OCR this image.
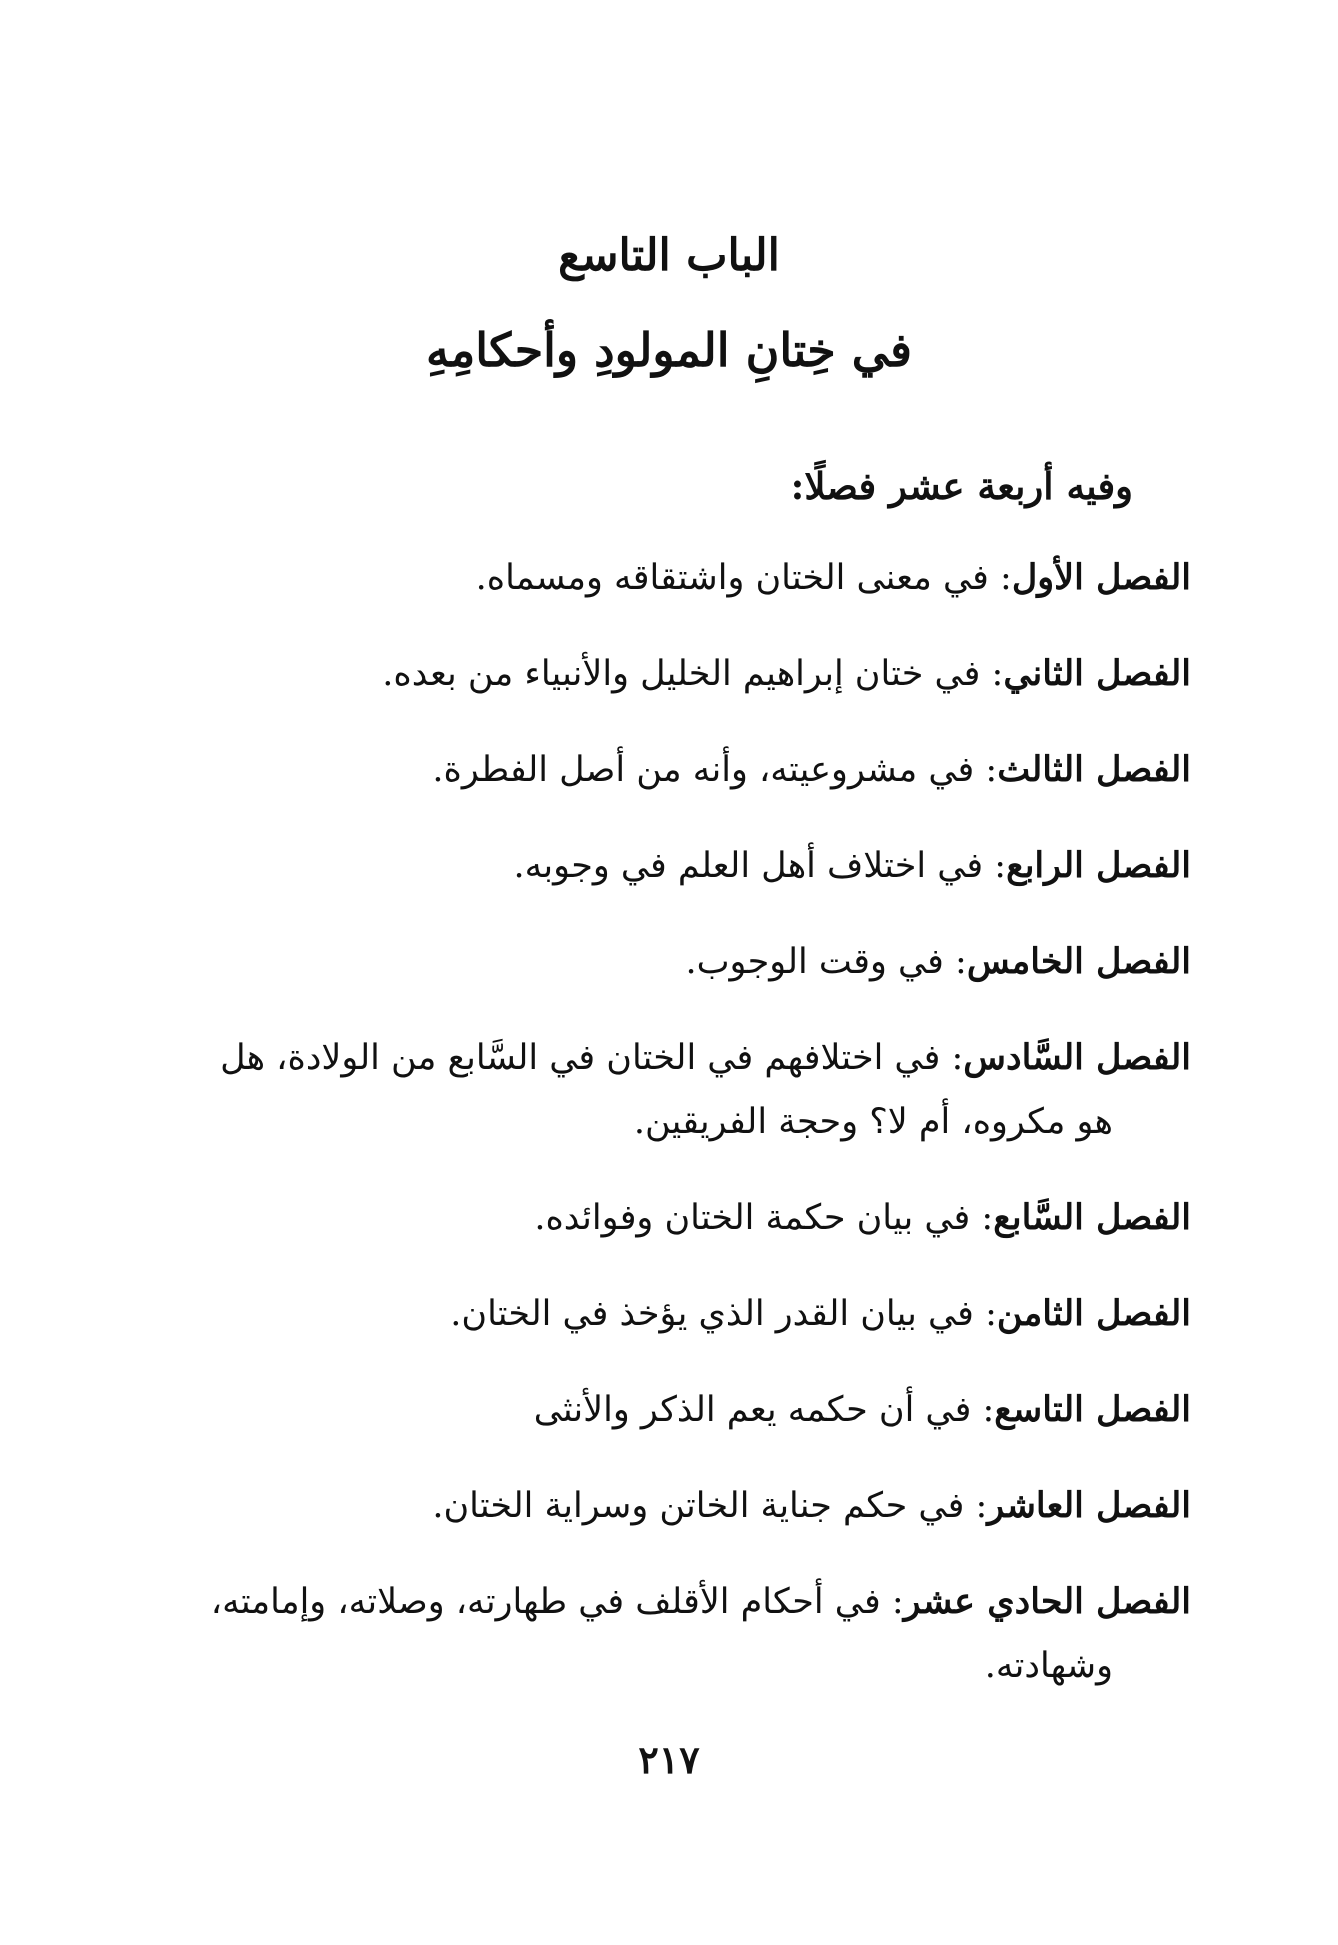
الباب التاسع
في خِتانِ المولودِ وأحكامِهِ
وفيه أربعة عشر فصلًا:
الفصل الأول: في معنى الختان واشتقاقه ومسماه.
الفصل الثاني: في ختان إبراهيم الخليل والأنبياء من بعده.
الفصل الثالث: في مشروعيته، وأنه من أصل الفطرة.
الفصل الرابع: في اختلاف أهل العلم في وجوبه.
الفصل الخامس: في وقت الوجوب.
الفصل السَّادس: في اختلافهم في الختان في السَّابع من الولادة، هل
هو مكروه، أم لا؟ وحجة الفريقين.
الفصل السَّابع: في بيان حكمة الختان وفوائده.
الفصل الثامن: في بيان القدر الذي يؤخذ في الختان.
الفصل التاسع: في أن حكمه يعم الذكر والأنثى
الفصل العاشر: في حكم جناية الخاتن وسراية الختان.
الفصل الحادي عشر: في أحكام الأقلف في طهارته، وصلاته، وإمامته،
وشهادته.
٢١٧
